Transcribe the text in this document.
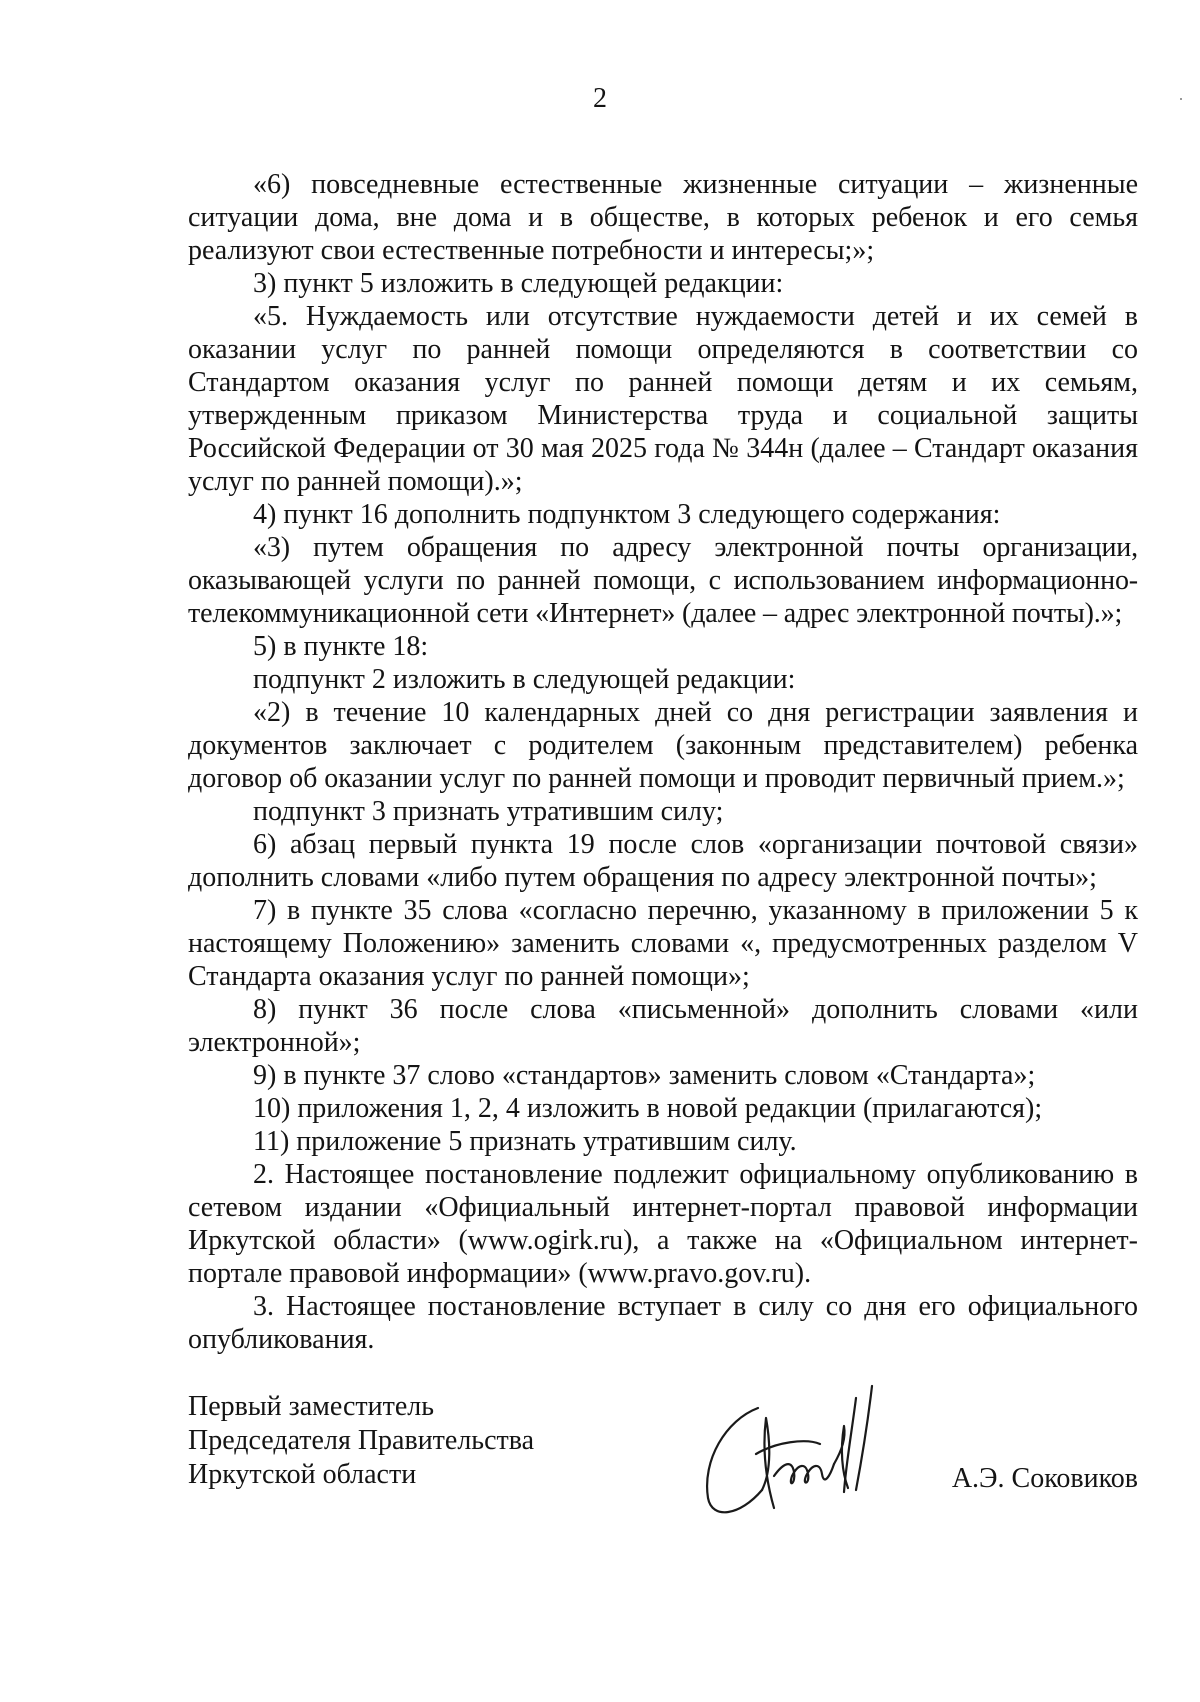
2

«6) повседневные естественные жизненные ситуации – жизненные ситуации дома, вне дома и в обществе, в которых ребенок и его семья реализуют свои естественные потребности и интересы;»;

3) пункт 5 изложить в следующей редакции:

«5. Нуждаемость или отсутствие нуждаемости детей и их семей в оказании услуг по ранней помощи определяются в соответствии со Стандартом оказания услуг по ранней помощи детям и их семьям, утвержденным приказом Министерства труда и социальной защиты Российской Федерации от 30 мая 2025 года № 344н (далее – Стандарт оказания услуг по ранней помощи).»;

4) пункт 16 дополнить подпунктом 3 следующего содержания:

«3) путем обращения по адресу электронной почты организации, оказывающей услуги по ранней помощи, с использованием информационно-телекоммуникационной сети «Интернет» (далее – адрес электронной почты).»;

5) в пункте 18:

подпункт 2 изложить в следующей редакции:

«2) в течение 10 календарных дней со дня регистрации заявления и документов заключает с родителем (законным представителем) ребенка договор об оказании услуг по ранней помощи и проводит первичный прием.»;

подпункт 3 признать утратившим силу;

6) абзац первый пункта 19 после слов «организации почтовой связи» дополнить словами «либо путем обращения по адресу электронной почты»;

7) в пункте 35 слова «согласно перечню, указанному в приложении 5 к настоящему Положению» заменить словами «, предусмотренных разделом V Стандарта оказания услуг по ранней помощи»;

8) пункт 36 после слова «письменной» дополнить словами «или электронной»;

9) в пункте 37 слово «стандартов» заменить словом «Стандарта»;

10) приложения 1, 2, 4 изложить в новой редакции (прилагаются);

11) приложение 5 признать утратившим силу.

2. Настоящее постановление подлежит официальному опубликованию в сетевом издании «Официальный интернет-портал правовой информации Иркутской области» (www.ogirk.ru), а также на «Официальном интернет-портале правовой информации» (www.pravo.gov.ru).

3. Настоящее постановление вступает в силу со дня его официального опубликования.

Первый заместитель
Председателя Правительства
Иркутской области	А.Э. Соковиков
